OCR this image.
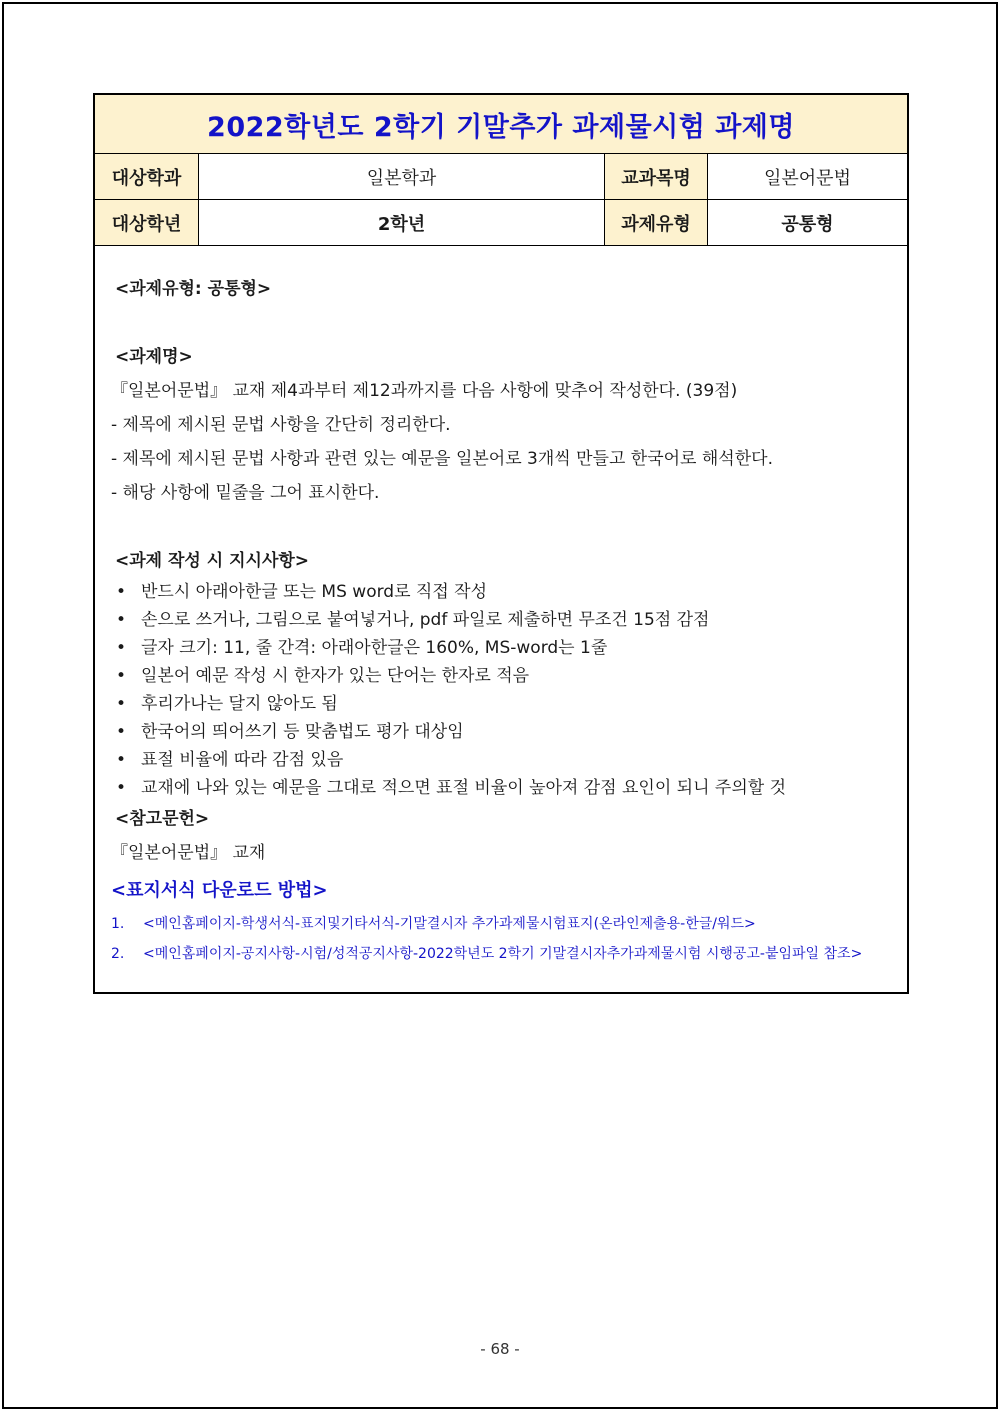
2022학년도 2학기 기말추가 과제물시험 과제명
대상학과	일본학과	교과목명	일본어문법
대상학년	2학년	과제유형	공통형
<과제유형: 공통형>
<과제명>
『일본어문법』 교재 제4과부터 제12과까지를 다음 사항에 맞추어 작성한다. (39점)
- 제목에 제시된 문법 사항을 간단히 정리한다.
- 제목에 제시된 문법 사항과 관련 있는 예문을 일본어로 3개씩 만들고 한국어로 해석한다.
- 해당 사항에 밑줄을 그어 표시한다.
<과제 작성 시 지시사항>
• 반드시 아래아한글 또는 MS word로 직접 작성
• 손으로 쓰거나, 그림으로 붙여넣거나, pdf 파일로 제출하면 무조건 15점 감점
• 글자 크기: 11, 줄 간격: 아래아한글은 160%, MS-word는 1줄
• 일본어 예문 작성 시 한자가 있는 단어는 한자로 적음
• 후리가나는 달지 않아도 됨
• 한국어의 띄어쓰기 등 맞춤법도 평가 대상임
• 표절 비율에 따라 감점 있음
• 교재에 나와 있는 예문을 그대로 적으면 표절 비율이 높아져 감점 요인이 되니 주의할 것
<참고문헌>
『일본어문법』 교재
<표지서식 다운로드 방법>
1. <메인홈페이지-학생서식-표지및기타서식-기말결시자 추가과제물시험표지(온라인제출용-한글/워드>
2. <메인홈페이지-공지사항-시험/성적공지사항-2022학년도 2학기 기말결시자추가과제물시험 시행공고-붙임파일 참조>
- 68 -
